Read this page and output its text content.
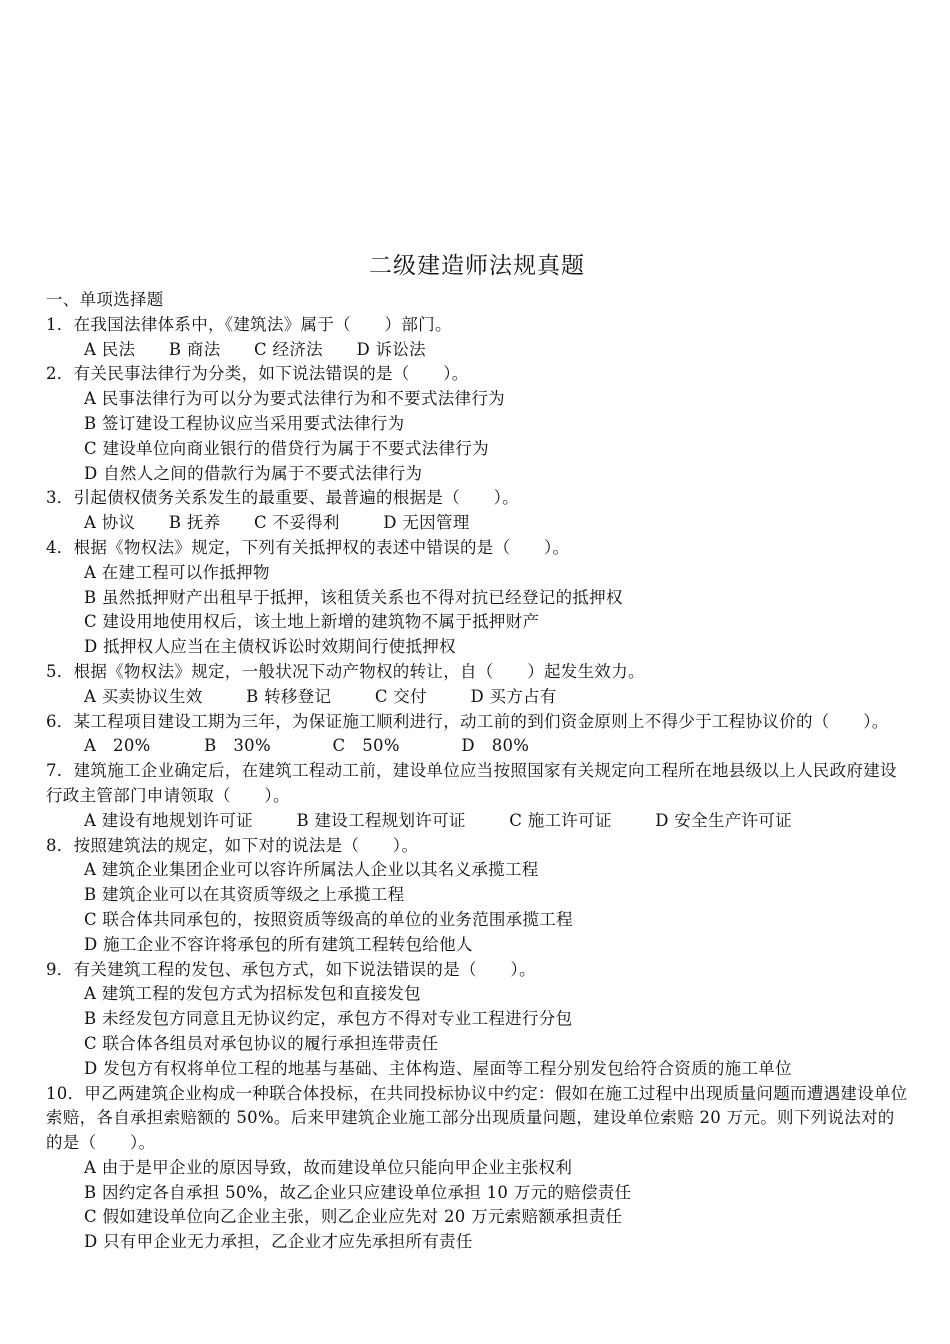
二级建造师法规真题
一、单项选择题
1．在我国法律体系中，《建筑法》属于（　　）部门。
A 民法 B 商法 C 经济法 D 诉讼法
2．有关民事法律行为分类，如下说法错误的是（　　）。
A 民事法律行为可以分为要式法律行为和不要式法律行为
B 签订建设工程协议应当采用要式法律行为
C 建设单位向商业银行的借贷行为属于不要式法律行为
D 自然人之间的借款行为属于不要式法律行为
3．引起债权债务关系发生的最重要、最普遍的根据是（　　）。
A 协议 B 抚养 C 不妥得利	D 无因管理
4．根据《物权法》规定，下列有关抵押权的表述中错误的是（　　）。
A 在建工程可以作抵押物
B 虽然抵押财产出租早于抵押，该租赁关系也不得对抗已经登记的抵押权
C 建设用地使用权后，该土地上新增的建筑物不属于抵押财产
D 抵押权人应当在主债权诉讼时效期间行使抵押权
5．根据《物权法》规定，一般状况下动产物权的转让，自（　　）起发生效力。
A 买卖协议生效	B 转移登记	C 交付	D 买方占有
6．某工程项目建设工期为三年，为保证施工顺利进行，动工前的到们资金原则上不得少于工程协议价的（　　）。
A　20%	B　30%	C　50%	D　80%
7．建筑施工企业确定后，在建筑工程动工前，建设单位应当按照国家有关规定向工程所在地县级以上人民政府建设行政主管部门申请领取（　　）。
A 建设有地规划许可证	B 建设工程规划许可证	C 施工许可证	D 安全生产许可证
8．按照建筑法的规定，如下对的说法是（　　）。
A 建筑企业集团企业可以容许所属法人企业以其名义承揽工程
B 建筑企业可以在其资质等级之上承揽工程
C 联合体共同承包的，按照资质等级高的单位的业务范围承揽工程
D 施工企业不容许将承包的所有建筑工程转包给他人
9．有关建筑工程的发包、承包方式，如下说法错误的是（　　）。
A 建筑工程的发包方式为招标发包和直接发包
B 未经发包方同意且无协议约定，承包方不得对专业工程进行分包
C 联合体各组员对承包协议的履行承担连带责任
D 发包方有权将单位工程的地基与基础、主体构造、屋面等工程分别发包给符合资质的施工单位
10．甲乙两建筑企业构成一种联合体投标，在共同投标协议中约定：假如在施工过程中出现质量问题而遭遇建设单位索赔，各自承担索赔额的 50%。后来甲建筑企业施工部分出现质量问题，建设单位索赔 20 万元。则下列说法对的的是（　　）。
A 由于是甲企业的原因导致，故而建设单位只能向甲企业主张权利
B 因约定各自承担 50%，故乙企业只应建设单位承担 10 万元的赔偿责任
C 假如建设单位向乙企业主张，则乙企业应先对 20 万元索赔额承担责任
D 只有甲企业无力承担，乙企业才应先承担所有责任
